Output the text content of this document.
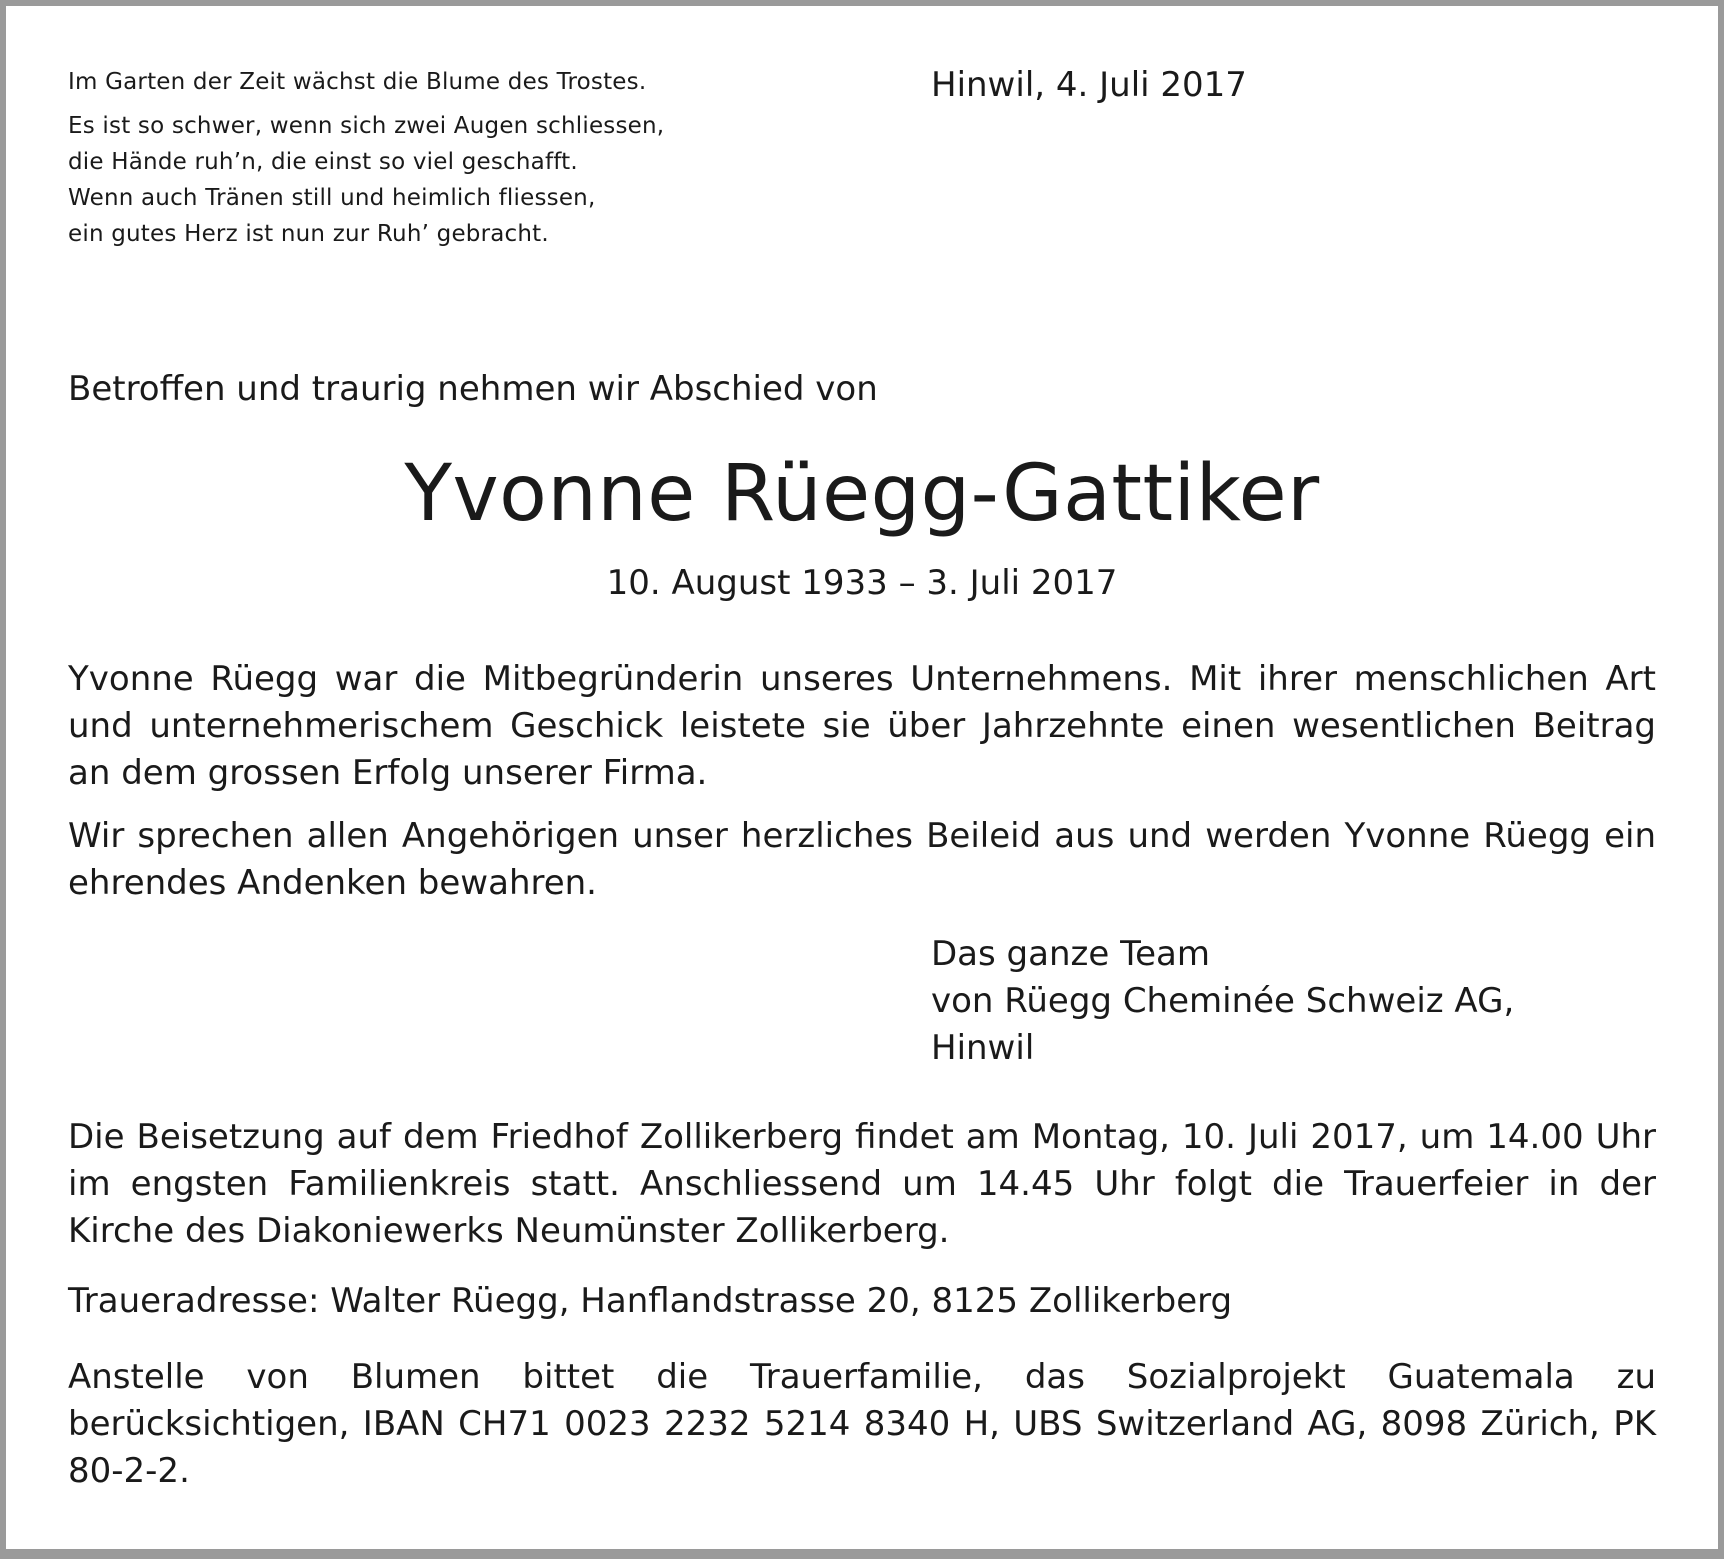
Im Garten der Zeit wächst die Blume des Trostes.
Es ist so schwer, wenn sich zwei Augen schliessen,
die Hände ruh’n, die einst so viel geschafft.
Wenn auch Tränen still und heimlich fliessen,
ein gutes Herz ist nun zur Ruh’ gebracht.
Hinwil, 4. Juli 2017
Betroffen und traurig nehmen wir Abschied von
Yvonne Rüegg-Gattiker
10. August 1933 – 3. Juli 2017
Yvonne Rüegg war die Mitbegründerin unseres Unternehmens. Mit ihrer menschlichen Art und unternehmerischem Geschick leistete sie über Jahrzehnte einen wesentlichen Beitrag an dem grossen Erfolg unserer Firma.
Wir sprechen allen Angehörigen unser herzliches Beileid aus und werden Yvonne Rüegg ein ehrendes Andenken bewahren.
Das ganze Team
von Rüegg Cheminée Schweiz AG,
Hinwil
Die Beisetzung auf dem Friedhof Zollikerberg findet am Montag, 10. Juli 2017, um 14.00 Uhr im engsten Familienkreis statt. Anschliessend um 14.45 Uhr folgt die Trauerfeier in der Kirche des Diakoniewerks Neumünster Zollikerberg.
Traueradresse: Walter Rüegg, Hanflandstrasse 20, 8125 Zollikerberg
Anstelle von Blumen bittet die Trauerfamilie, das Sozialprojekt Guatemala zu berücksichtigen, IBAN CH71 0023 2232 5214 8340 H, UBS Switzerland AG, 8098 Zürich, PK 80-2-2.
